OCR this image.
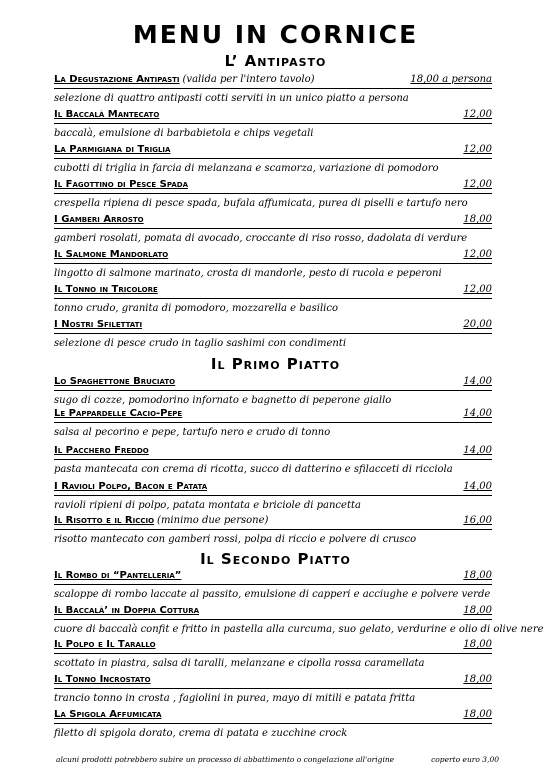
MENU IN CORNICE
L’ Antipasto
Il Primo Piatto
Il Secondo Piatto
La Degustazione Antipasti (valida per l'intero tavolo)	18,00 a persona
selezione di quattro antipasti cotti serviti in un unico piatto a persona
Il Baccalà Mantecato	12,00
baccalà, emulsione di barbabietola e chips vegetali
La Parmigiana di Triglia	12,00
cubotti di triglia in farcia di melanzana e scamorza, variazione di pomodoro
Il Fagottino di Pesce Spada	12,00
crespella ripiena di pesce spada, bufala affumicata, purea di piselli e tartufo nero
I Gamberi Arrosto	18,00
gamberi rosolati, pomata di avocado, croccante di riso rosso, dadolata di verdure
Il Salmone Mandorlato	12,00
lingotto di salmone marinato, crosta di mandorle, pesto di rucola e peperoni
Il Tonno in Tricolore	12,00
tonno crudo, granita di pomodoro, mozzarella e basilico
I Nostri Sfilettati	20,00
selezione di pesce crudo in taglio sashimi con condimenti
Lo Spaghettone Bruciato	14,00
sugo di cozze, pomodorino infornato e bagnetto di peperone giallo
Le Pappardelle Cacio-Pepe	14,00
salsa al pecorino e pepe, tartufo nero e crudo di tonno
Il Pacchero Freddo	14,00
pasta mantecata con crema di ricotta, succo di datterino e sfilacceti di ricciola
I Ravioli Polpo, Bacon e Patata	14,00
ravioli ripieni di polpo, patata montata e briciole di pancetta
Il Risotto e il Riccio (minimo due persone)	16,00
risotto mantecato con gamberi rossi, polpa di riccio e polvere di crusco
Il Rombo di “Pantelleria”	18,00
scaloppe di rombo laccate al passito, emulsione di capperi e acciughe e polvere verde
Il Baccalà’ in Doppia Cottura	18,00
cuore di baccalà confit e fritto in pastella alla curcuma, suo gelato, verdurine e olio di olive nere
Il Polpo e Il Tarallo	18,00
scottato in piastra, salsa di taralli, melanzane e cipolla rossa caramellata
Il Tonno Incrostato	18,00
trancio tonno in crosta , fagiolini in purea, mayo di mitili e patata fritta
La Spigola Affumicata	18,00
filetto di spigola dorato, crema di patata e zucchine crock
alcuni prodotti potrebbero subire un processo di abbattimento o congelazione all'origine	coperto euro 3,00
